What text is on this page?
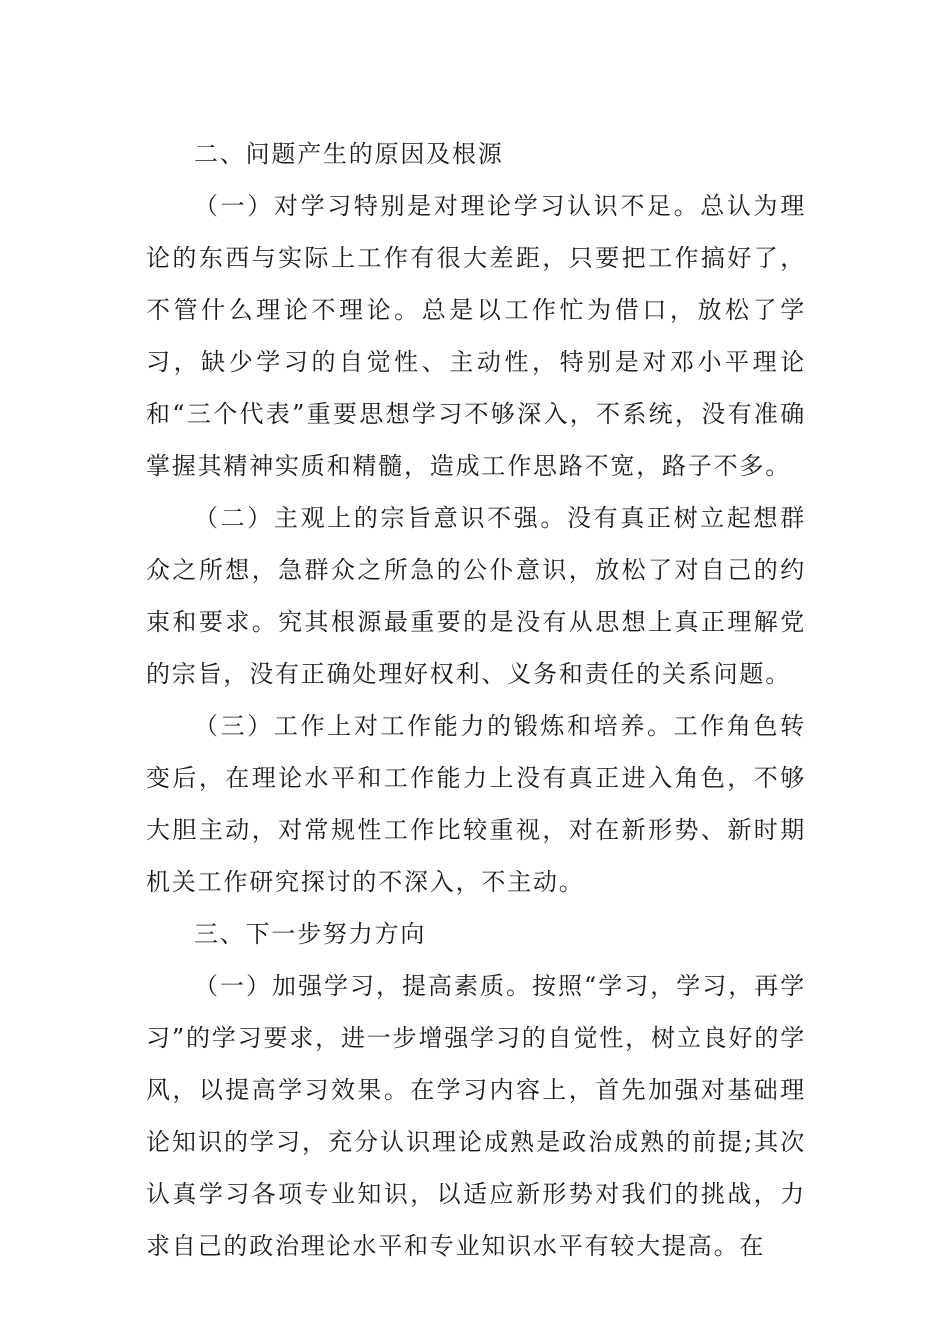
二、问题产生的原因及根源

（一）对学习特别是对理论学习认识不足。总认为理论的东西与实际上工作有很大差距，只要把工作搞好了，不管什么理论不理论。总是以工作忙为借口，放松了学习，缺少学习的自觉性、主动性，特别是对邓小平理论和“三个代表”重要思想学习不够深入，不系统，没有准确掌握其精神实质和精髓，造成工作思路不宽，路子不多。

（二）主观上的宗旨意识不强。没有真正树立起想群众之所想，急群众之所急的公仆意识，放松了对自己的约束和要求。究其根源最重要的是没有从思想上真正理解党的宗旨，没有正确处理好权利、义务和责任的关系问题。

（三）工作上对工作能力的锻炼和培养。工作角色转变后，在理论水平和工作能力上没有真正进入角色，不够大胆主动，对常规性工作比较重视，对在新形势、新时期机关工作研究探讨的不深入，不主动。

三、下一步努力方向

（一）加强学习，提高素质。按照“学习，学习，再学习”的学习要求，进一步增强学习的自觉性，树立良好的学风，以提高学习效果。在学习内容上，首先加强对基础理论知识的学习，充分认识理论成熟是政治成熟的前提;其次认真学习各项专业知识，以适应新形势对我们的挑战，力求自己的政治理论水平和专业知识水平有较大提高。在
